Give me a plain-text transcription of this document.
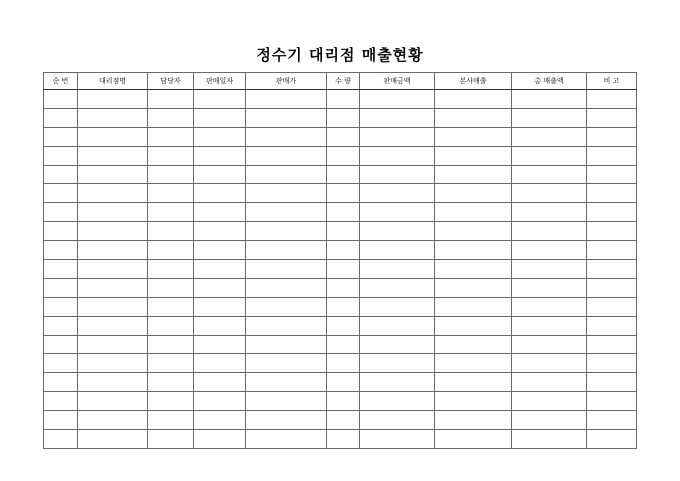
정수기 대리점 매출현황
순 번	대리점명	담당자	판매일자	판매가	수 량	판매금액	본사매출	총 매출액	비 고
